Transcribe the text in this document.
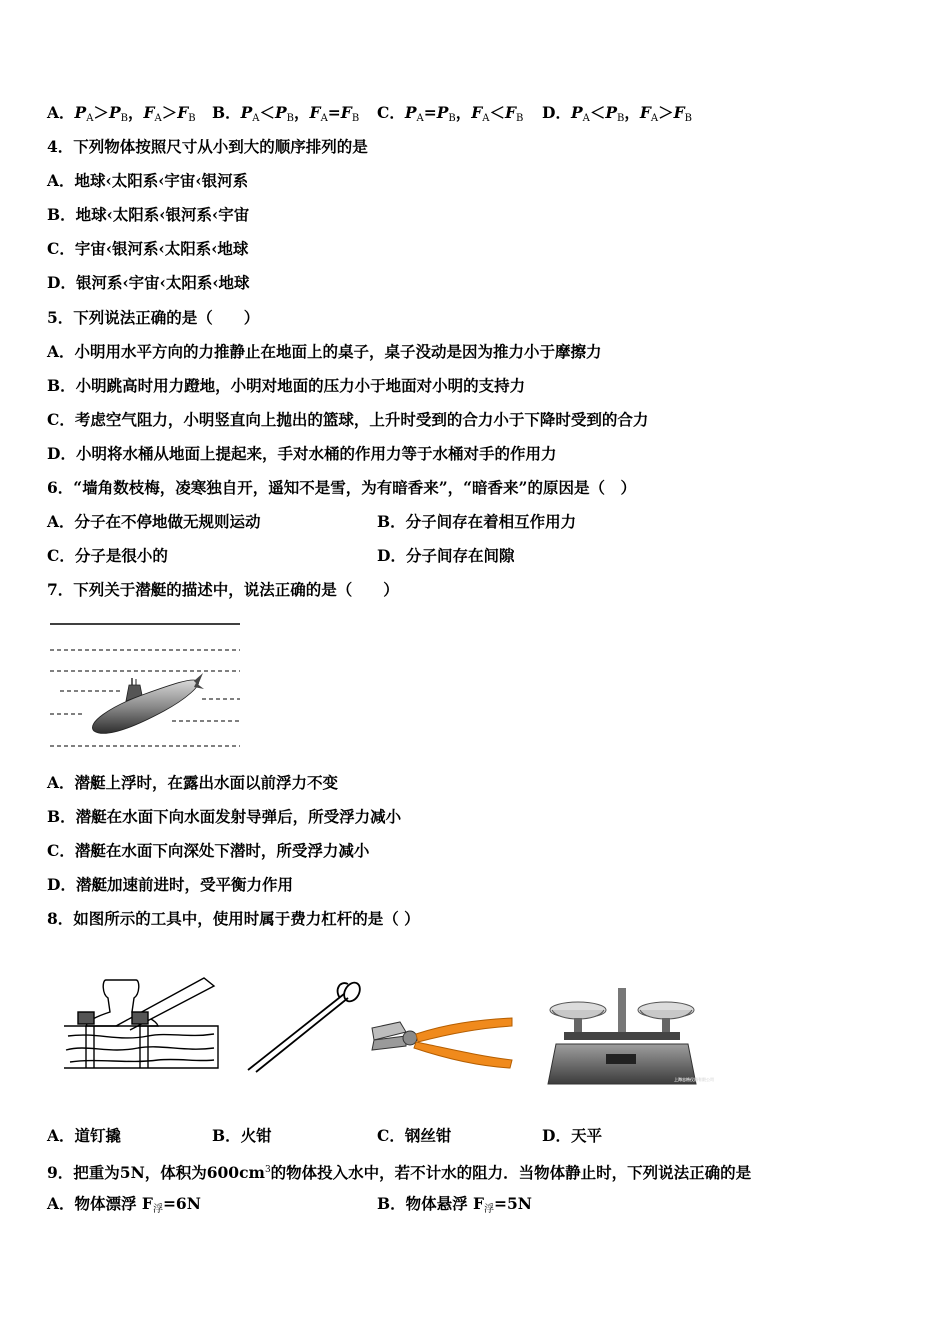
A．$P_A>P_B$，$F_A>F_B$ B．$P_A<P_B$，$F_A=F_B$ C．$P_A=P_B$，$F_A<F_B$ D．$P_A<P_B$，$F_A>F_B$
4．下列物体按照尺寸从小到大的顺序排列的是
A．地球‹太阳系‹宇宙‹银河系
B．地球‹太阳系‹银河系‹宇宙
C．宇宙‹银河系‹太阳系‹地球
D．银河系‹宇宙‹太阳系‹地球
5．下列说法正确的是（　　）
A．小明用水平方向的力推静止在地面上的桌子，桌子没动是因为推力小于摩擦力
B．小明跳高时用力蹬地，小明对地面的压力小于地面对小明的支持力
C．考虑空气阻力，小明竖直向上抛出的篮球，上升时受到的合力小于下降时受到的合力
D．小明将水桶从地面上提起来，手对水桶的作用力等于水桶对手的作用力
6．“墙角数枝梅，凌寒独自开，遥知不是雪，为有暗香来”，“暗香来”的原因是（　）
A．分子在不停地做无规则运动	B．分子间存在着相互作用力
C．分子是很小的	D．分子间存在间隙
7．下列关于潜艇的描述中，说法正确的是（　　）
A．潜艇上浮时，在露出水面以前浮力不变
B．潜艇在水面下向水面发射导弹后，所受浮力减小
C．潜艇在水面下向深处下潜时，所受浮力减小
D．潜艇加速前进时，受平衡力作用
8．如图所示的工具中，使用时属于费力杠杆的是（ ）
上海志格仪器有限公司
A．道钉撬	B．火钳	C．钢丝钳	D．天平
9．把重为5N，体积为$600cm^3$的物体投入水中，若不计水的阻力．当物体静止时，下列说法正确的是
A．物体漂浮 $F_浮=6N$	B．物体悬浮 $F_浮=5N$
